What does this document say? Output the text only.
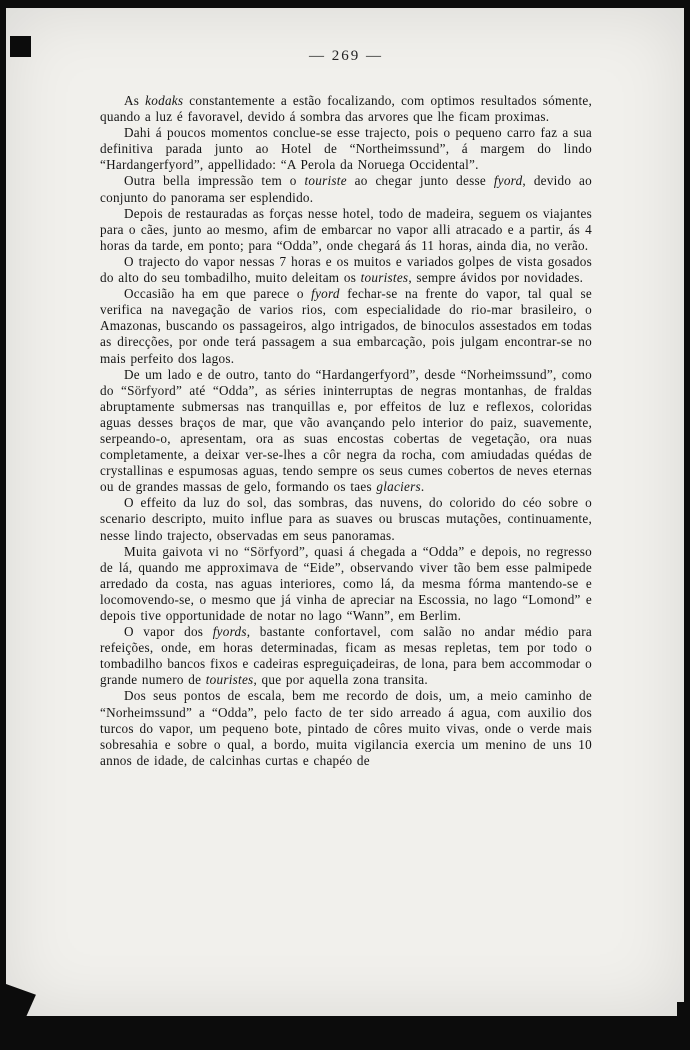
— 269 —

As kodaks constantemente a estão focalizando, com optimos resultados sómente, quando a luz é favoravel, devido á sombra das arvores que lhe ficam proximas.

Dahi á poucos momentos conclue-se esse trajecto, pois o pequeno carro faz a sua definitiva parada junto ao Hotel de “Northeimssund”, á margem do lindo “Hardangerfyord”, appellidado: “A Perola da Noruega Occidental”.

Outra bella impressão tem o touriste ao chegar junto desse fyord, devido ao conjunto do panorama ser esplendido.

Depois de restauradas as forças nesse hotel, todo de madeira, seguem os viajantes para o cães, junto ao mesmo, afim de embarcar no vapor alli atracado e a partir, ás 4 horas da tarde, em ponto; para “Odda”, onde chegará ás 11 horas, ainda dia, no verão.

O trajecto do vapor nessas 7 horas e os muitos e variados golpes de vista gosados do alto do seu tombadilho, muito deleitam os touristes, sempre ávidos por novidades.

Occasião ha em que parece o fyord fechar-se na frente do vapor, tal qual se verifica na navegação de varios rios, com especialidade do rio-mar brasileiro, o Amazonas, buscando os passageiros, algo intrigados, de binoculos assestados em todas as direcções, por onde terá passagem a sua embarcação, pois julgam encontrar-se no mais perfeito dos lagos.

De um lado e de outro, tanto do “Hardangerfyord”, desde “Norheimssund”, como do “Sörfyord” até “Odda”, as séries ininterruptas de negras montanhas, de fraldas abruptamente submersas nas tranquillas e, por effeitos de luz e reflexos, coloridas aguas desses braços de mar, que vão avançando pelo interior do paiz, suavemente, serpeando-o, apresentam, ora as suas encostas cobertas de vegetação, ora nuas completamente, a deixar ver-se-lhes a côr negra da rocha, com amiudadas quédas de crystallinas e espumosas aguas, tendo sempre os seus cumes cobertos de neves eternas ou de grandes massas de gelo, formando os taes glaciers.

O effeito da luz do sol, das sombras, das nuvens, do colorido do céo sobre o scenario descripto, muito influe para as suaves ou bruscas mutações, continuamente, nesse lindo trajecto, observadas em seus panoramas.

Muita gaivota vi no “Sörfyord”, quasi á chegada a “Odda” e depois, no regresso de lá, quando me approximava de “Eide”, observando viver tão bem esse palmipede arredado da costa, nas aguas interiores, como lá, da mesma fórma mantendo-se e locomovendo-se, o mesmo que já vinha de apreciar na Escossia, no lago “Lomond” e depois tive opportunidade de notar no lago “Wann”, em Berlim.

O vapor dos fyords, bastante confortavel, com salão no andar médio para refeições, onde, em horas determinadas, ficam as mesas repletas, tem por todo o tombadilho bancos fixos e cadeiras espreguiçadeiras, de lona, para bem accommodar o grande numero de touristes, que por aquella zona transita.

Dos seus pontos de escala, bem me recordo de dois, um, a meio caminho de “Norheimssund” a “Odda”, pelo facto de ter sido arreado á agua, com auxilio dos turcos do vapor, um pequeno bote, pintado de côres muito vivas, onde o verde mais sobresahia e sobre o qual, a bordo, muita vigilancia exercia um menino de uns 10 annos de idade, de calcinhas curtas e chapéo de
